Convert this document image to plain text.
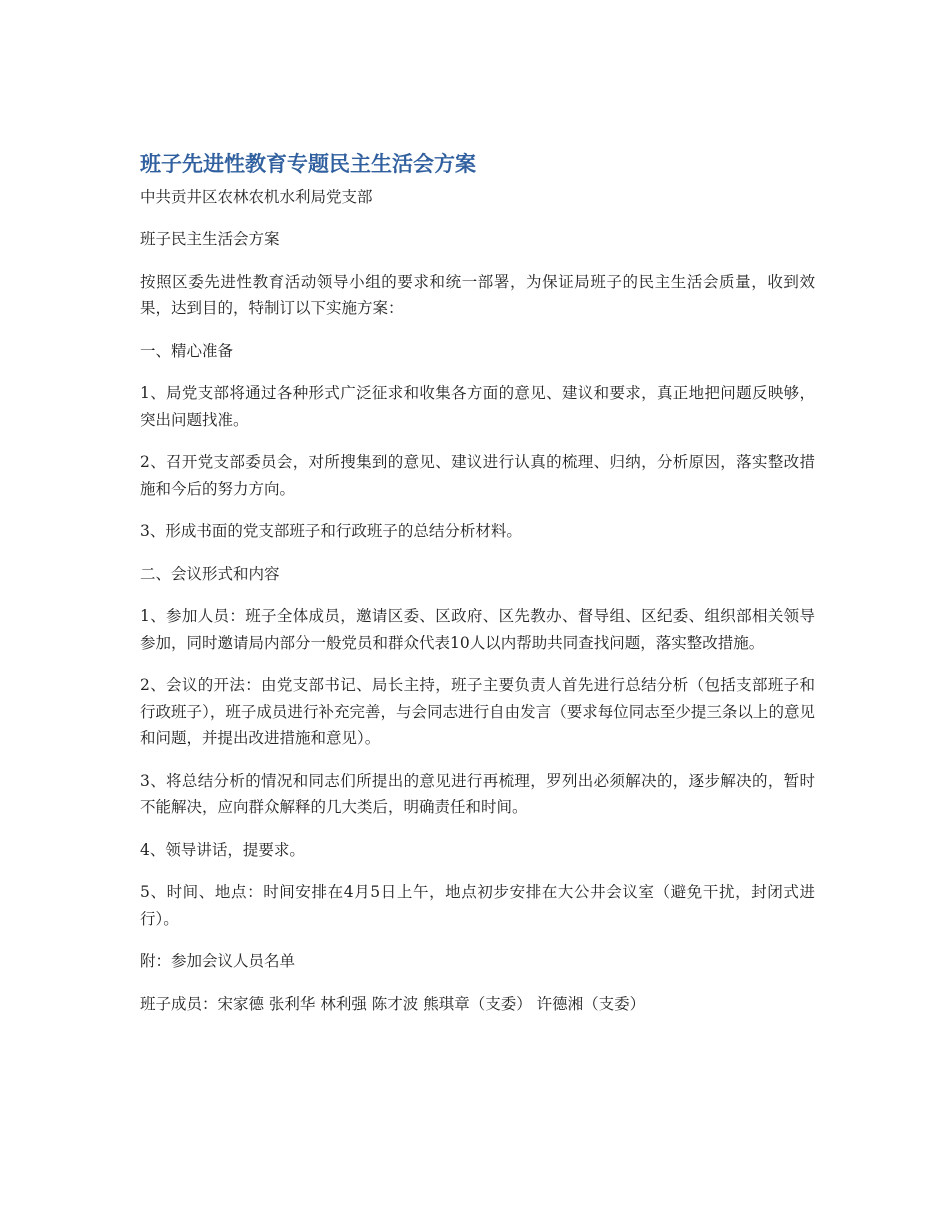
班子先进性教育专题民主生活会方案
中共贡井区农林农机水利局党支部

班子民主生活会方案

按照区委先进性教育活动领导小组的要求和统一部署，为保证局班子的民主生活会质量，收到效果，达到目的，特制订以下实施方案：

一、精心准备

1、局党支部将通过各种形式广泛征求和收集各方面的意见、建议和要求，真正地把问题反映够，突出问题找准。

2、召开党支部委员会，对所搜集到的意见、建议进行认真的梳理、归纳，分析原因，落实整改措施和今后的努力方向。

3、形成书面的党支部班子和行政班子的总结分析材料。

二、会议形式和内容

1、参加人员：班子全体成员，邀请区委、区政府、区先教办、督导组、区纪委、组织部相关领导参加，同时邀请局内部分一般党员和群众代表10人以内帮助共同查找问题，落实整改措施。

2、会议的开法：由党支部书记、局长主持，班子主要负责人首先进行总结分析（包括支部班子和行政班子），班子成员进行补充完善，与会同志进行自由发言（要求每位同志至少提三条以上的意见和问题，并提出改进措施和意见）。

3、将总结分析的情况和同志们所提出的意见进行再梳理，罗列出必须解决的，逐步解决的，暂时不能解决，应向群众解释的几大类后，明确责任和时间。

4、领导讲话，提要求。

5、时间、地点：时间安排在4月5日上午，地点初步安排在大公井会议室（避免干扰，封闭式进行）。

附：参加会议人员名单

班子成员：宋家德 张利华 林利强 陈才波 熊琪章（支委） 许德湘（支委）
